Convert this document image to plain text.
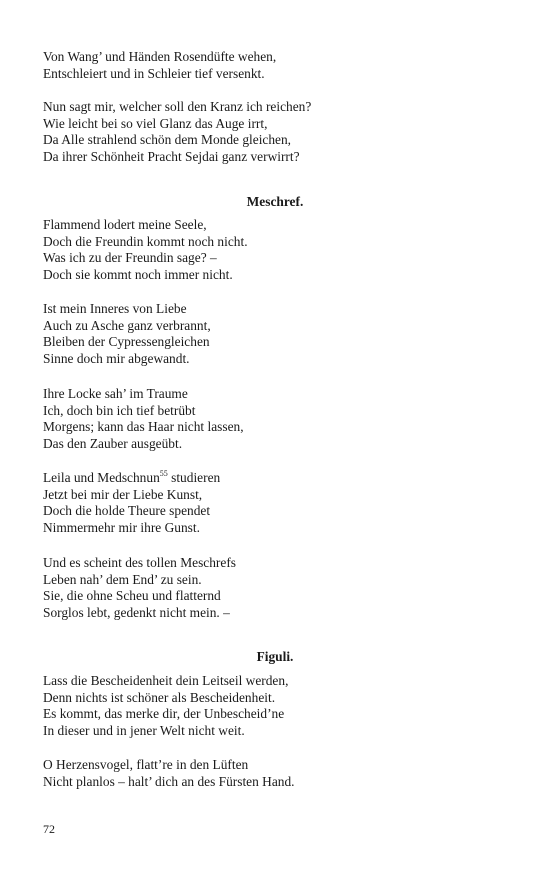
Von Wang’ und Händen Rosendüfte wehen,
Entschleiert und in Schleier tief versenkt.
Nun sagt mir, welcher soll den Kranz ich reichen?
Wie leicht bei so viel Glanz das Auge irrt,
Da Alle strahlend schön dem Monde gleichen,
Da ihrer Schönheit Pracht Sejdai ganz verwirrt?
Meschref.
Flammend lodert meine Seele,
Doch die Freundin kommt noch nicht.
Was ich zu der Freundin sage? –
Doch sie kommt noch immer nicht.
Ist mein Inneres von Liebe
Auch zu Asche ganz verbrannt,
Bleiben der Cypressengleichen
Sinne doch mir abgewandt.
Ihre Locke sah’ im Traume
Ich, doch bin ich tief betrübt
Morgens; kann das Haar nicht lassen,
Das den Zauber ausgeübt.
Leila und Medschnun$^{55}$ studieren
Jetzt bei mir der Liebe Kunst,
Doch die holde Theure spendet
Nimmermehr mir ihre Gunst.
Und es scheint des tollen Meschrefs
Leben nah’ dem End’ zu sein.
Sie, die ohne Scheu und flatternd
Sorglos lebt, gedenkt nicht mein. –
Figuli.
Lass die Bescheidenheit dein Leitseil werden,
Denn nichts ist schöner als Bescheidenheit.
Es kommt, das merke dir, der Unbescheid’ne
In dieser und in jener Welt nicht weit.
O Herzensvogel, flatt’re in den Lüften
Nicht planlos – halt’ dich an des Fürsten Hand.
72
